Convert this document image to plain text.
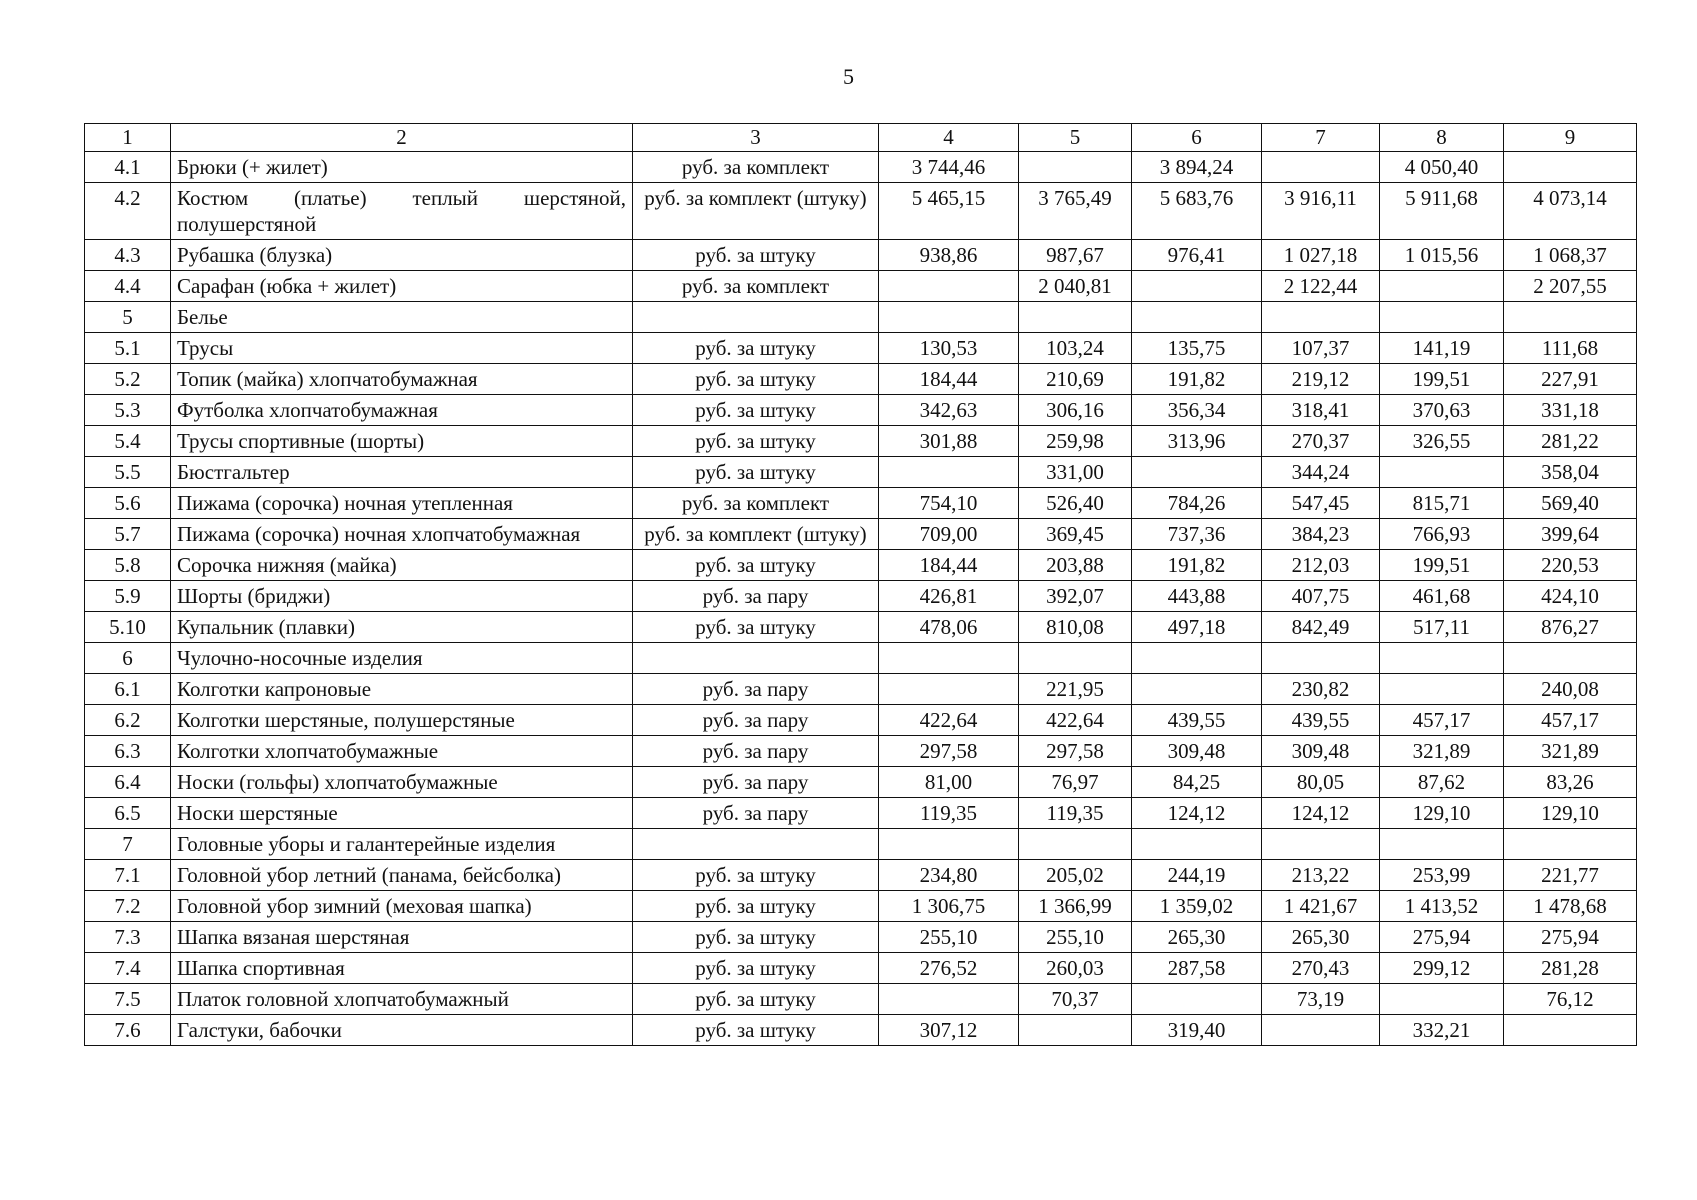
5
1	2	3	4	5	6	7	8	9
4.1	Брюки (+ жилет)	руб. за комплект	3 744,46		3 894,24		4 050,40	
4.2	Костюм (платье) теплый шерстяной, полушерстяной	руб. за комплект (штуку)	5 465,15	3 765,49	5 683,76	3 916,11	5 911,68	4 073,14
4.3	Рубашка (блузка)	руб. за штуку	938,86	987,67	976,41	1 027,18	1 015,56	1 068,37
4.4	Сарафан (юбка + жилет)	руб. за комплект		2 040,81		2 122,44		2 207,55
5	Белье							
5.1	Трусы	руб. за штуку	130,53	103,24	135,75	107,37	141,19	111,68
5.2	Топик (майка) хлопчатобумажная	руб. за штуку	184,44	210,69	191,82	219,12	199,51	227,91
5.3	Футболка хлопчатобумажная	руб. за штуку	342,63	306,16	356,34	318,41	370,63	331,18
5.4	Трусы спортивные (шорты)	руб. за штуку	301,88	259,98	313,96	270,37	326,55	281,22
5.5	Бюстгальтер	руб. за штуку		331,00		344,24		358,04
5.6	Пижама (сорочка) ночная утепленная	руб. за комплект	754,10	526,40	784,26	547,45	815,71	569,40
5.7	Пижама (сорочка) ночная хлопчатобумажная	руб. за комплект (штуку)	709,00	369,45	737,36	384,23	766,93	399,64
5.8	Сорочка нижняя (майка)	руб. за штуку	184,44	203,88	191,82	212,03	199,51	220,53
5.9	Шорты (бриджи)	руб. за пару	426,81	392,07	443,88	407,75	461,68	424,10
5.10	Купальник (плавки)	руб. за штуку	478,06	810,08	497,18	842,49	517,11	876,27
6	Чулочно-носочные изделия							
6.1	Колготки капроновые	руб. за пару		221,95		230,82		240,08
6.2	Колготки шерстяные, полушерстяные	руб. за пару	422,64	422,64	439,55	439,55	457,17	457,17
6.3	Колготки хлопчатобумажные	руб. за пару	297,58	297,58	309,48	309,48	321,89	321,89
6.4	Носки (гольфы) хлопчатобумажные	руб. за пару	81,00	76,97	84,25	80,05	87,62	83,26
6.5	Носки шерстяные	руб. за пару	119,35	119,35	124,12	124,12	129,10	129,10
7	Головные уборы и галантерейные изделия							
7.1	Головной убор летний (панама, бейсболка)	руб. за штуку	234,80	205,02	244,19	213,22	253,99	221,77
7.2	Головной убор зимний (меховая шапка)	руб. за штуку	1 306,75	1 366,99	1 359,02	1 421,67	1 413,52	1 478,68
7.3	Шапка вязаная шерстяная	руб. за штуку	255,10	255,10	265,30	265,30	275,94	275,94
7.4	Шапка спортивная	руб. за штуку	276,52	260,03	287,58	270,43	299,12	281,28
7.5	Платок головной хлопчатобумажный	руб. за штуку		70,37		73,19		76,12
7.6	Галстуки, бабочки	руб. за штуку	307,12		319,40		332,21	
